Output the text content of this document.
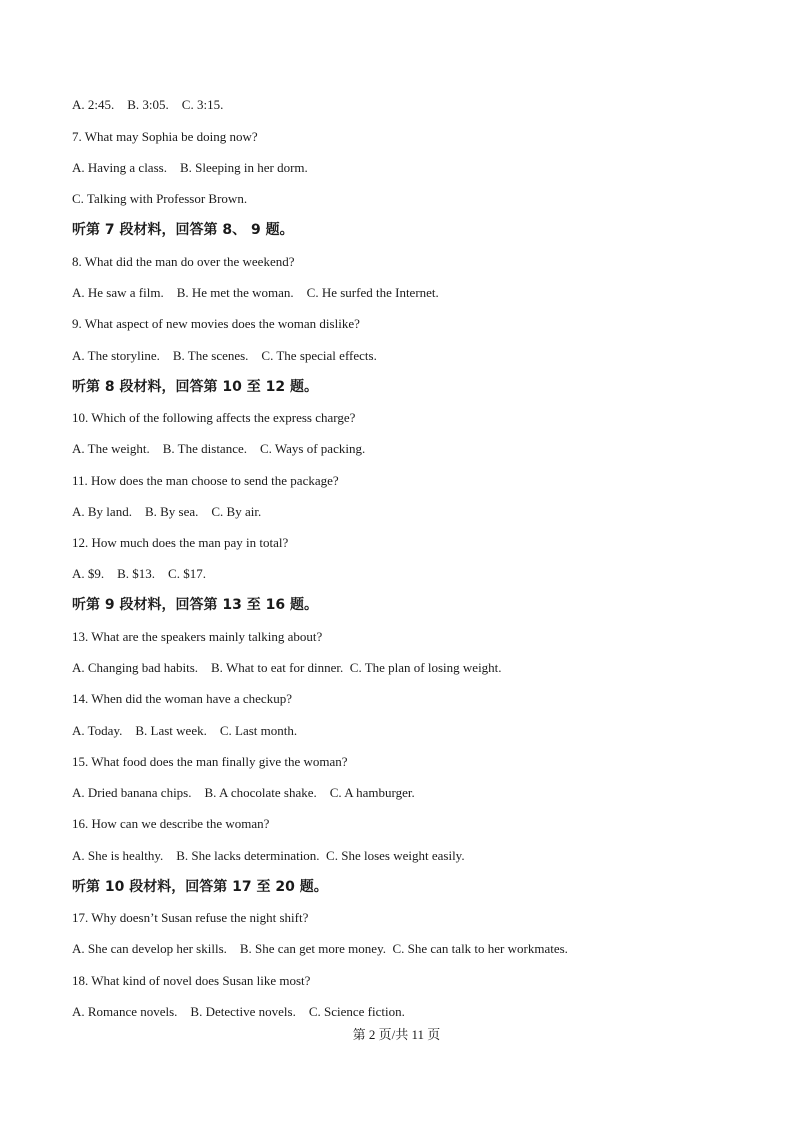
A. 2:45.    B. 3:05.    C. 3:15.
7. What may Sophia be doing now?
A. Having a class.    B. Sleeping in her dorm.
C. Talking with Professor Brown.
听第 7 段材料，回答第 8、 9 题。
8. What did the man do over the weekend?
A. He saw a film.    B. He met the woman.    C. He surfed the Internet.
9. What aspect of new movies does the woman dislike?
A. The storyline.    B. The scenes.    C. The special effects.
听第 8 段材料，回答第 10 至 12 题。
10. Which of the following affects the express charge?
A. The weight.    B. The distance.    C. Ways of packing.
11. How does the man choose to send the package?
A. By land.    B. By sea.    C. By air.
12. How much does the man pay in total?
A. $9.    B. $13.    C. $17.
听第 9 段材料，回答第 13 至 16 题。
13. What are the speakers mainly talking about?
A. Changing bad habits.    B. What to eat for dinner.  C. The plan of losing weight.
14. When did the woman have a checkup?
A. Today.    B. Last week.    C. Last month.
15. What food does the man finally give the woman?
A. Dried banana chips.    B. A chocolate shake.    C. A hamburger.
16. How can we describe the woman?
A. She is healthy.    B. She lacks determination.  C. She loses weight easily.
听第 10 段材料，回答第 17 至 20 题。
17. Why doesn’t Susan refuse the night shift?
A. She can develop her skills.    B. She can get more money.  C. She can talk to her workmates.
18. What kind of novel does Susan like most?
A. Romance novels.    B. Detective novels.    C. Science fiction.
第 2 页/共 11 页
